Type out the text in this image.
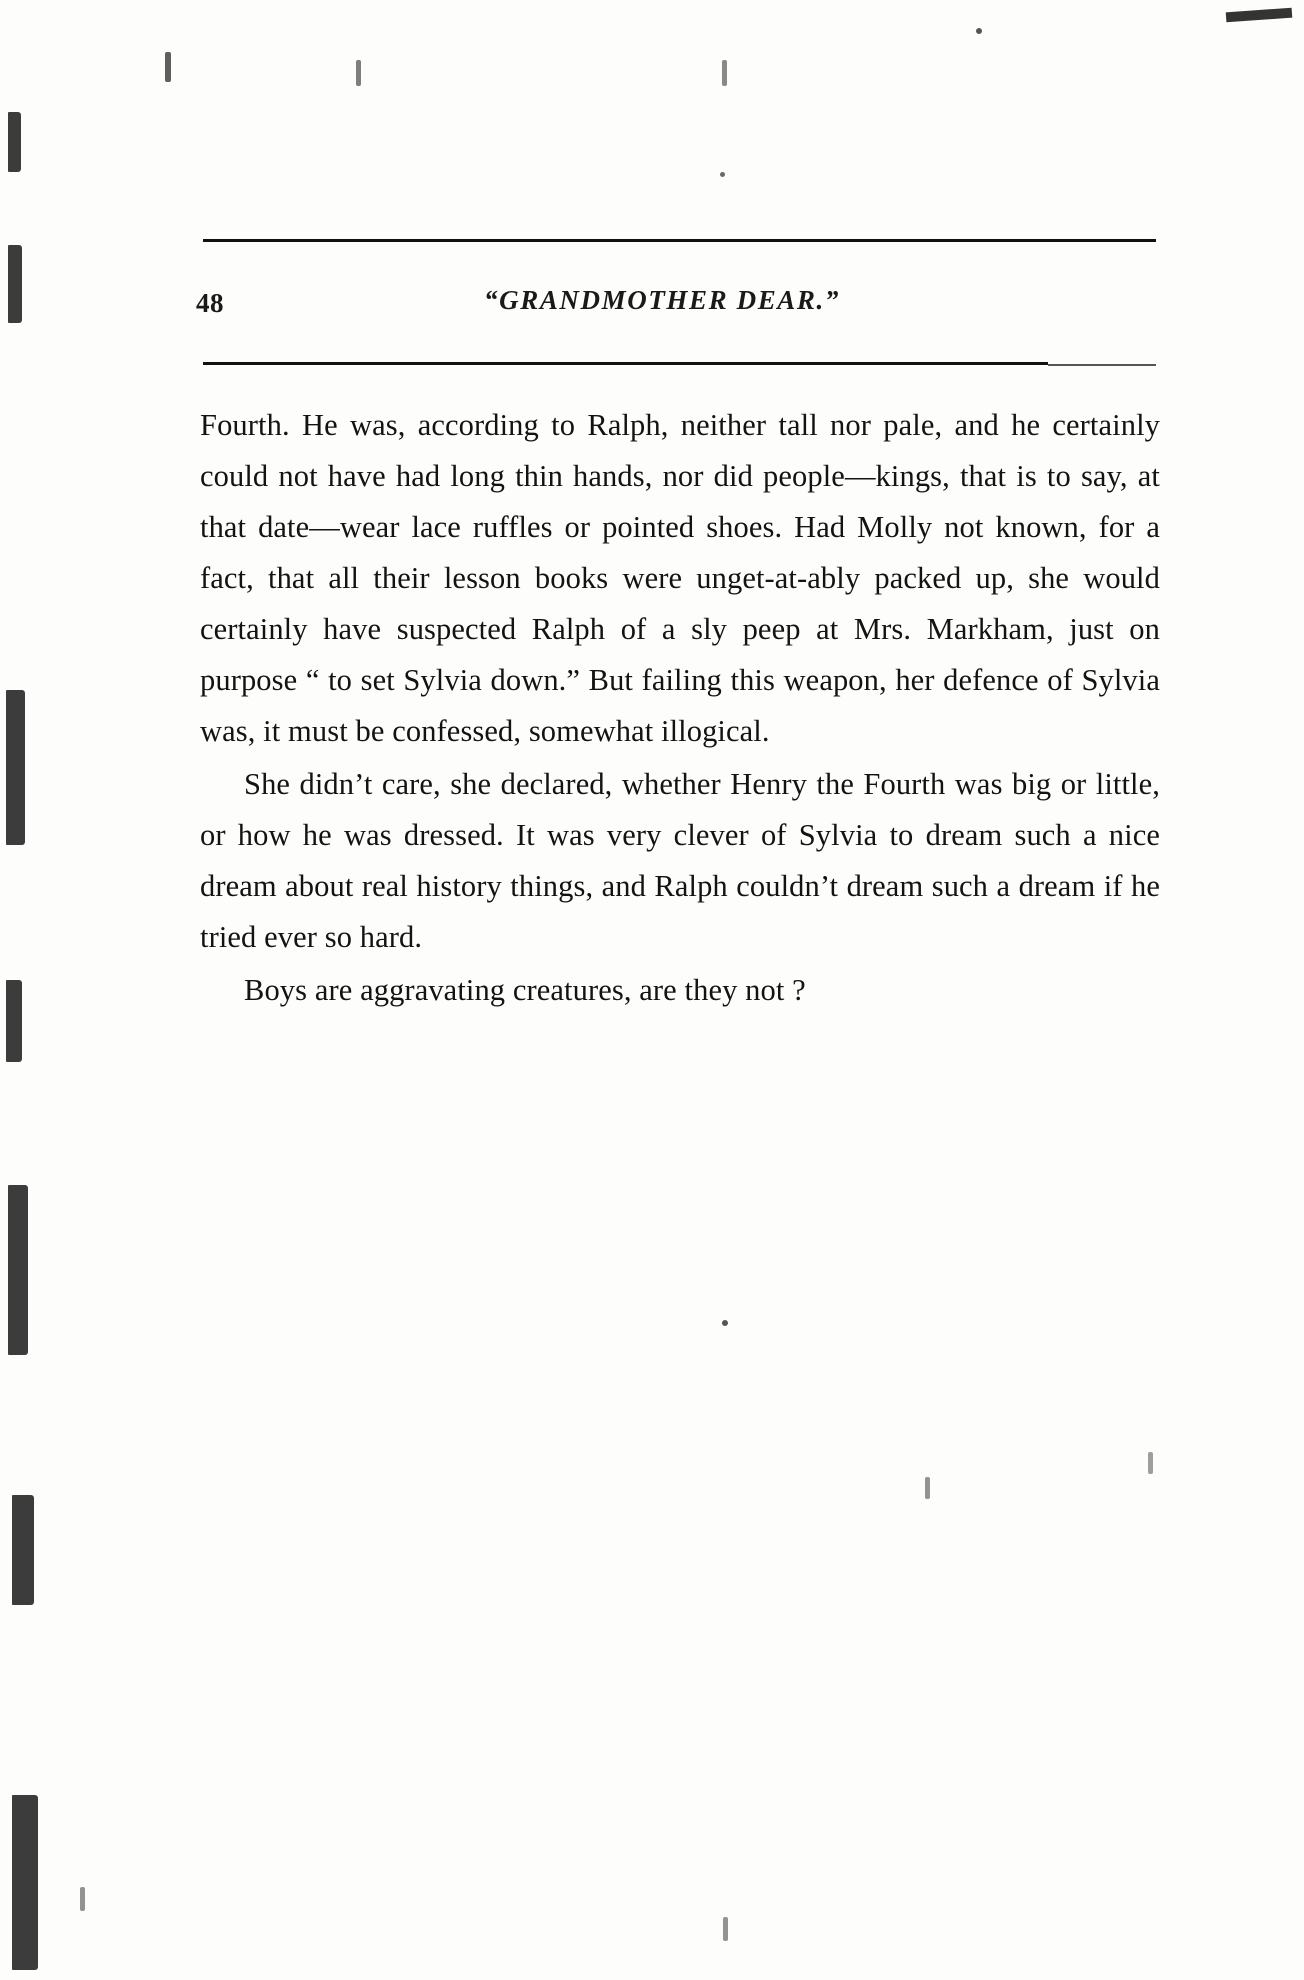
48	“GRANDMOTHER DEAR.”

Fourth. He was, according to Ralph, neither tall nor pale, and he certainly could not have had long thin hands, nor did people—kings, that is to say, at that date—wear lace ruffles or pointed shoes. Had Molly not known, for a fact, that all their lesson books were unget-at-ably packed up, she would certainly have suspected Ralph of a sly peep at Mrs. Markham, just on purpose “ to set Sylvia down.” But failing this weapon, her defence of Sylvia was, it must be confessed, somewhat illogical.

She didn’t care, she declared, whether Henry the Fourth was big or little, or how he was dressed. It was very clever of Sylvia to dream such a nice dream about real history things, and Ralph couldn’t dream such a dream if he tried ever so hard.

Boys are aggravating creatures, are they not ?
